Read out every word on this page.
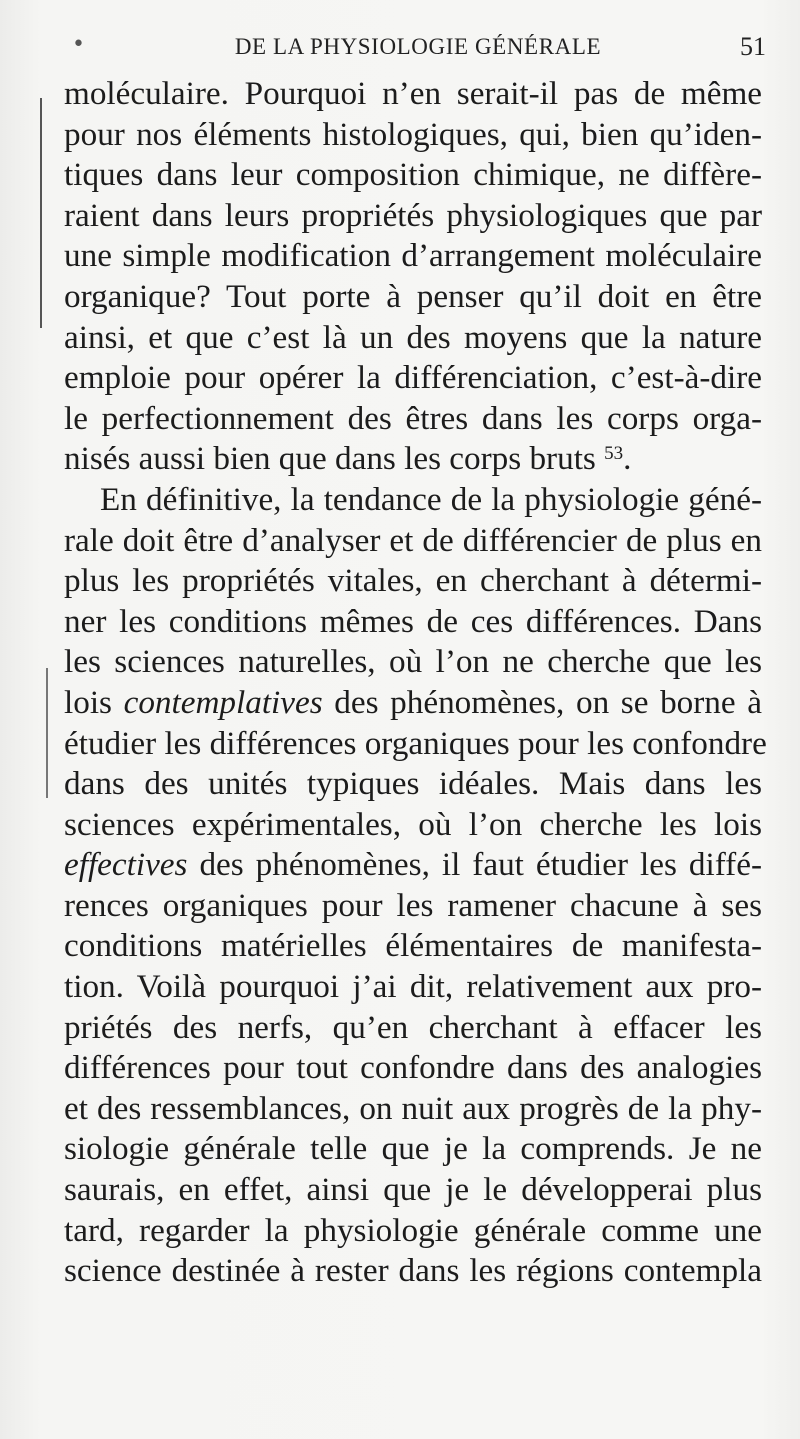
•	DE LA PHYSIOLOGIE GÉNÉRALE	51
moléculaire. Pourquoi n’en serait-il pas de même
pour nos éléments histologiques, qui, bien qu’iden-
tiques dans leur composition chimique, ne diffère-
raient dans leurs propriétés physiologiques que par
une simple modification d’arrangement moléculaire
organique? Tout porte à penser qu’il doit en être
ainsi, et que c’est là un des moyens que la nature
emploie pour opérer la différenciation, c’est-à-dire
le perfectionnement des êtres dans les corps orga-
nisés aussi bien que dans les corps bruts $^{53}$.
En définitive, la tendance de la physiologie géné-
rale doit être d’analyser et de différencier de plus en
plus les propriétés vitales, en cherchant à détermi-
ner les conditions mêmes de ces différences. Dans
les sciences naturelles, où l’on ne cherche que les
lois contemplatives des phénomènes, on se borne à
étudier les différences organiques pour les confondre
dans des unités typiques idéales. Mais dans les
sciences expérimentales, où l’on cherche les lois
effectives des phénomènes, il faut étudier les diffé-
rences organiques pour les ramener chacune à ses
conditions matérielles élémentaires de manifesta-
tion. Voilà pourquoi j’ai dit, relativement aux pro-
priétés des nerfs, qu’en cherchant à effacer les
différences pour tout confondre dans des analogies
et des ressemblances, on nuit aux progrès de la phy-
siologie générale telle que je la comprends. Je ne
saurais, en effet, ainsi que je le développerai plus
tard, regarder la physiologie générale comme une
science destinée à rester dans les régions contempla
